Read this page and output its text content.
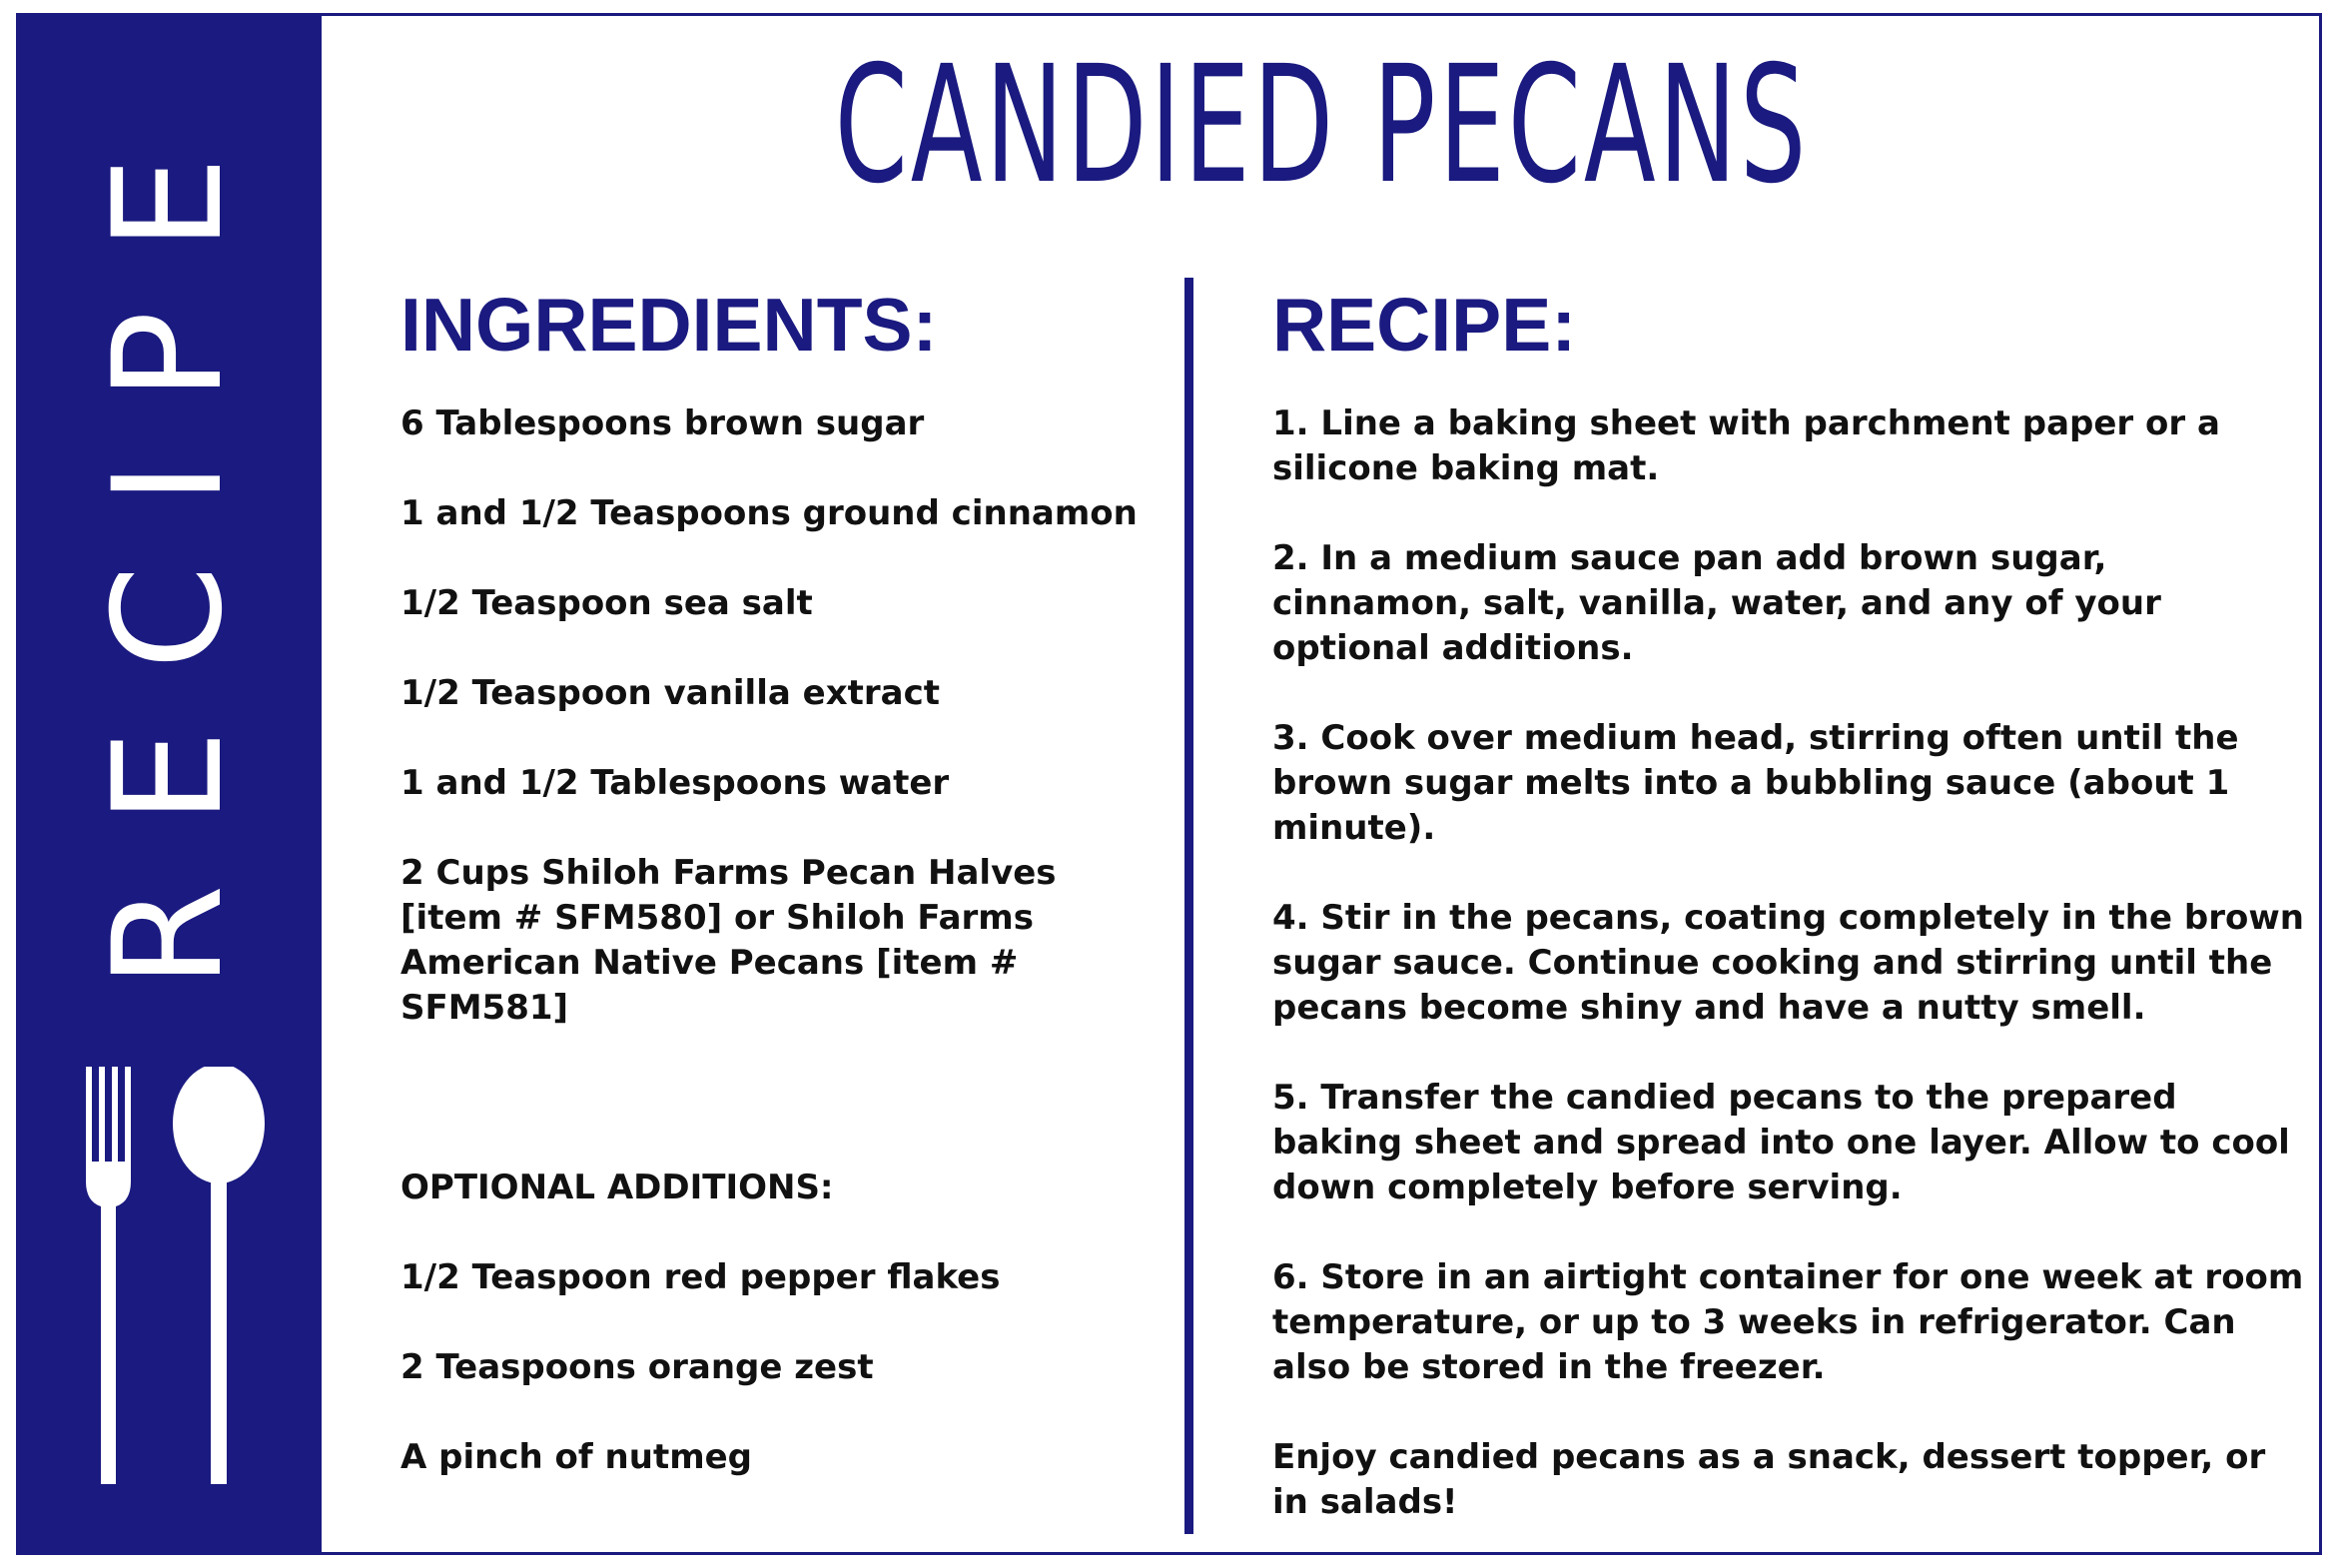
RECIPE	CANDIED PECANS
INGREDIENTS:	RECIPE:

6 Tablespoons brown sugar

1 and 1/2 Teaspoons ground cinnamon

1/2 Teaspoon sea salt

1/2 Teaspoon vanilla extract

1 and 1/2 Tablespoons water

2 Cups Shiloh Farms Pecan Halves [item # SFM580] or Shiloh Farms American Native Pecans [item # SFM581]

OPTIONAL ADDITIONS:

1/2 Teaspoon red pepper flakes

2 Teaspoons orange zest

A pinch of nutmeg

1. Line a baking sheet with parchment paper or a silicone baking mat.

2. In a medium sauce pan add brown sugar, cinnamon, salt, vanilla, water, and any of your optional additions.

3. Cook over medium head, stirring often until the brown sugar melts into a bubbling sauce (about 1 minute).

4. Stir in the pecans, coating completely in the brown sugar sauce. Continue cooking and stirring until the pecans become shiny and have a nutty smell.

5. Transfer the candied pecans to the prepared baking sheet and spread into one layer. Allow to cool down completely before serving.

6. Store in an airtight container for one week at room temperature, or up to 3 weeks in refrigerator. Can also be stored in the freezer.

Enjoy candied pecans as a snack, dessert topper, or in salads!
